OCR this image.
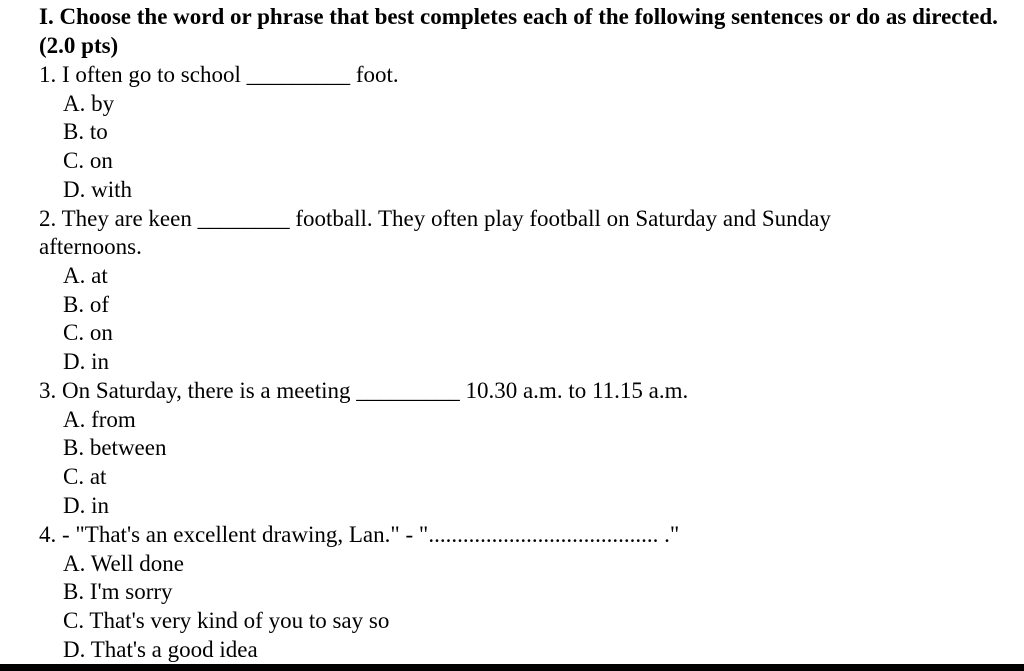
I. Choose the word or phrase that best completes each of the following sentences or do as directed. (2.0 pts)
1. I often go to school _________ foot.
A. by
B. to
C. on
D. with
2. They are keen ________ football. They often play football on Saturday and Sunday
afternoons.
A. at
B. of
C. on
D. in
3. On Saturday, there is a meeting _________ 10.30 a.m. to 11.15 a.m.
A. from
B. between
C. at
D. in
4. - "That's an excellent drawing, Lan." - "........................................ ."
A. Well done
B. I'm sorry
C. That's very kind of you to say so
D. That's a good idea
